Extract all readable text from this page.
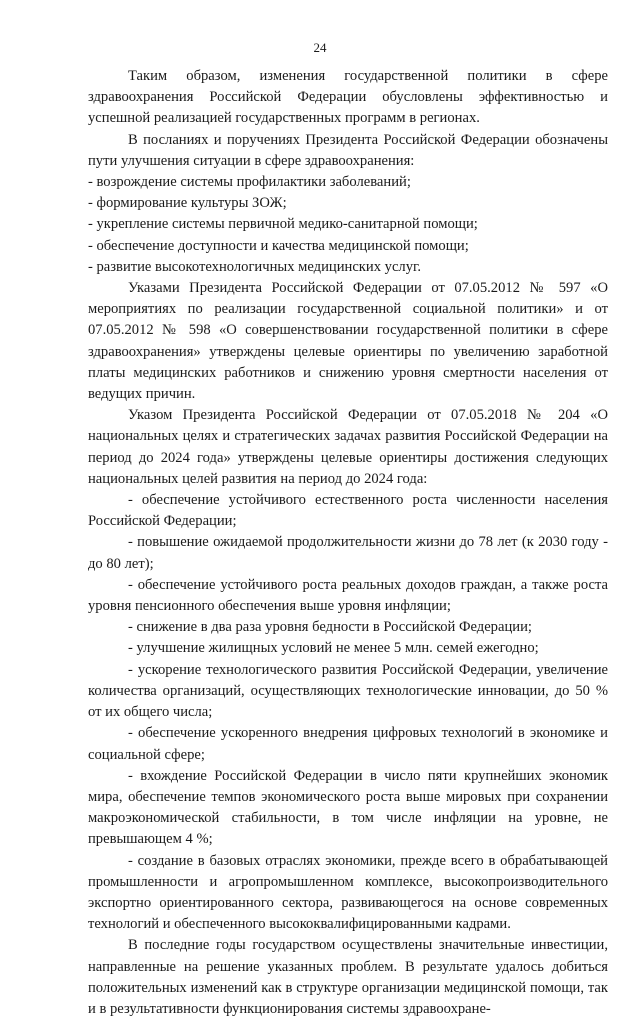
24

Таким образом, изменения государственной политики в сфере здравоохранения Российской Федерации обусловлены эффективностью и успешной реализацией государственных программ в регионах.

В посланиях и поручениях Президента Российской Федерации обозначены пути улучшения ситуации в сфере здравоохранения:

- возрождение системы профилактики заболеваний;

- формирование культуры ЗОЖ;

- укрепление системы первичной медико-санитарной помощи;

- обеспечение доступности и качества медицинской помощи;

- развитие высокотехнологичных медицинских услуг.

Указами Президента Российской Федерации от 07.05.2012 № 597 «О мероприятиях по реализации государственной социальной политики» и от 07.05.2012 № 598 «О совершенствовании государственной политики в сфере здравоохранения» утверждены целевые ориентиры по увеличению заработной платы медицинских работников и снижению уровня смертности населения от ведущих причин.

Указом Президента Российской Федерации от 07.05.2018 № 204 «О национальных целях и стратегических задачах развития Российской Федерации на период до 2024 года» утверждены целевые ориентиры достижения следующих национальных целей развития на период до 2024 года:

- обеспечение устойчивого естественного роста численности населения Российской Федерации;

- повышение ожидаемой продолжительности жизни до 78 лет (к 2030 году - до 80 лет);

- обеспечение устойчивого роста реальных доходов граждан, а также роста уровня пенсионного обеспечения выше уровня инфляции;

- снижение в два раза уровня бедности в Российской Федерации;

- улучшение жилищных условий не менее 5 млн. семей ежегодно;

- ускорение технологического развития Российской Федерации, увеличение количества организаций, осуществляющих технологические инновации, до 50 % от их общего числа;

- обеспечение ускоренного внедрения цифровых технологий в экономике и социальной сфере;

- вхождение Российской Федерации в число пяти крупнейших экономик мира, обеспечение темпов экономического роста выше мировых при сохранении макроэкономической стабильности, в том числе инфляции на уровне, не превышающем 4 %;

- создание в базовых отраслях экономики, прежде всего в обрабатывающей промышленности и агропромышленном комплексе, высокопроизводительного экспортно ориентированного сектора, развивающегося на основе современных технологий и обеспеченного высококвалифицированными кадрами.

В последние годы государством осуществлены значительные инвестиции, направленные на решение указанных проблем. В результате удалось добиться положительных изменений как в структуре организации медицинской помощи, так и в результативности функционирования системы здравоохране-
